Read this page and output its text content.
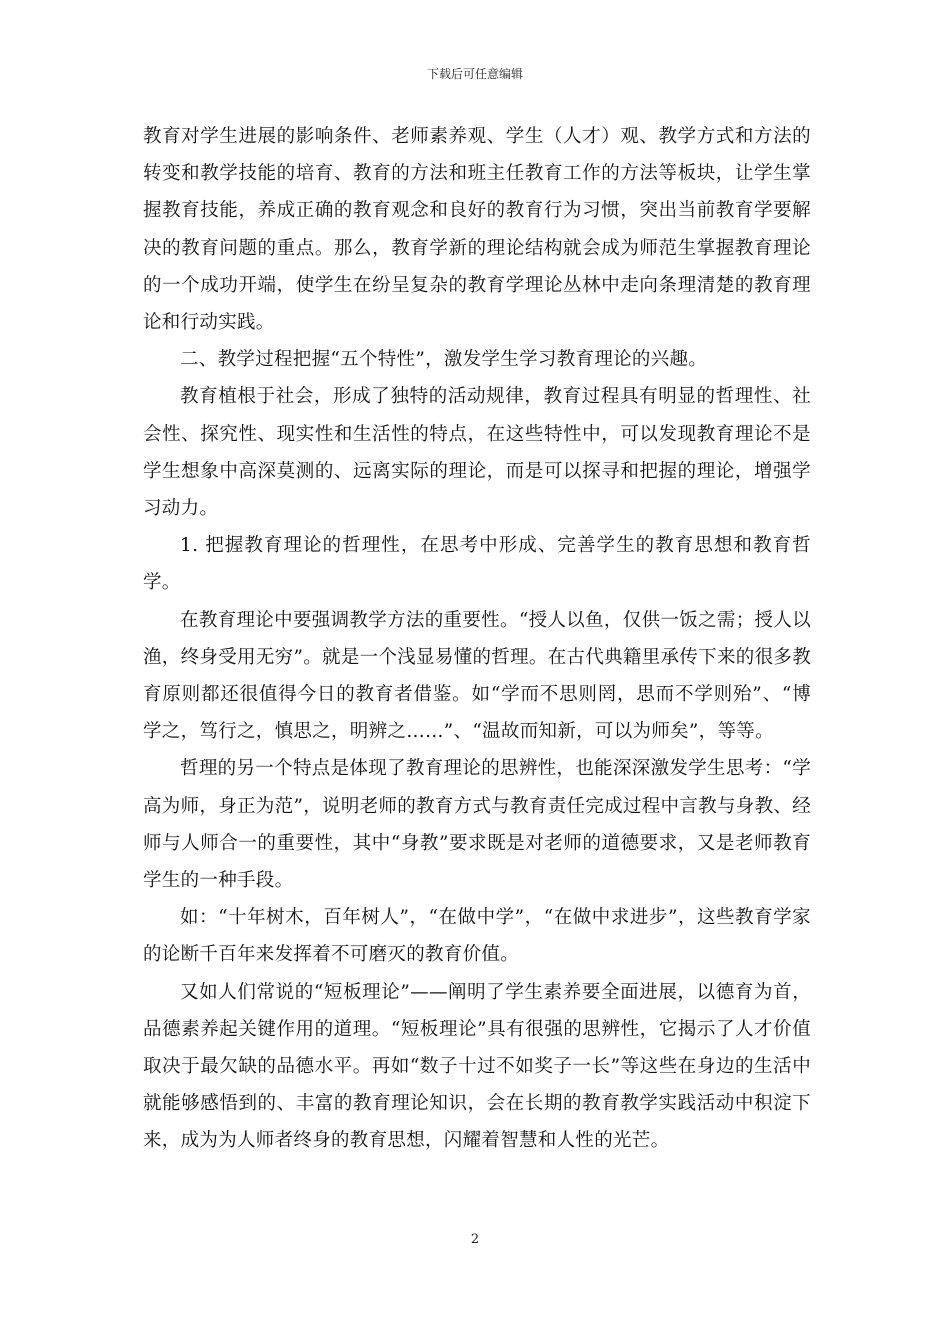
下载后可任意编辑

教育对学生进展的影响条件、老师素养观、学生（人才）观、教学方式和方法的转变和教学技能的培育、教育的方法和班主任教育工作的方法等板块，让学生掌握教育技能，养成正确的教育观念和良好的教育行为习惯，突出当前教育学要解决的教育问题的重点。那么，教育学新的理论结构就会成为师范生掌握教育理论的一个成功开端，使学生在纷呈复杂的教育学理论丛林中走向条理清楚的教育理论和行动实践。

二、教学过程把握“五个特性”，激发学生学习教育理论的兴趣。

教育植根于社会，形成了独特的活动规律，教育过程具有明显的哲理性、社会性、探究性、现实性和生活性的特点，在这些特性中，可以发现教育理论不是学生想象中高深莫测的、远离实际的理论，而是可以探寻和把握的理论，增强学习动力。

1. 把握教育理论的哲理性，在思考中形成、完善学生的教育思想和教育哲学。

在教育理论中要强调教学方法的重要性。“授人以鱼，仅供一饭之需；授人以渔，终身受用无穷”。就是一个浅显易懂的哲理。在古代典籍里承传下来的很多教育原则都还很值得今日的教育者借鉴。如“学而不思则罔，思而不学则殆”、“博学之，笃行之，慎思之，明辨之……”、“温故而知新，可以为师矣”，等等。

哲理的另一个特点是体现了教育理论的思辨性，也能深深激发学生思考：“学高为师，身正为范”，说明老师的教育方式与教育责任完成过程中言教与身教、经师与人师合一的重要性，其中“身教”要求既是对老师的道德要求，又是老师教育学生的一种手段。

如：“十年树木，百年树人”，“在做中学”，“在做中求进步”，这些教育学家的论断千百年来发挥着不可磨灭的教育价值。

又如人们常说的“短板理论”——阐明了学生素养要全面进展，以德育为首，品德素养起关键作用的道理。“短板理论”具有很强的思辨性，它揭示了人才价值取决于最欠缺的品德水平。再如“数子十过不如奖子一长”等这些在身边的生活中就能够感悟到的、丰富的教育理论知识，会在长期的教育教学实践活动中积淀下来，成为为人师者终身的教育思想，闪耀着智慧和人性的光芒。

2
